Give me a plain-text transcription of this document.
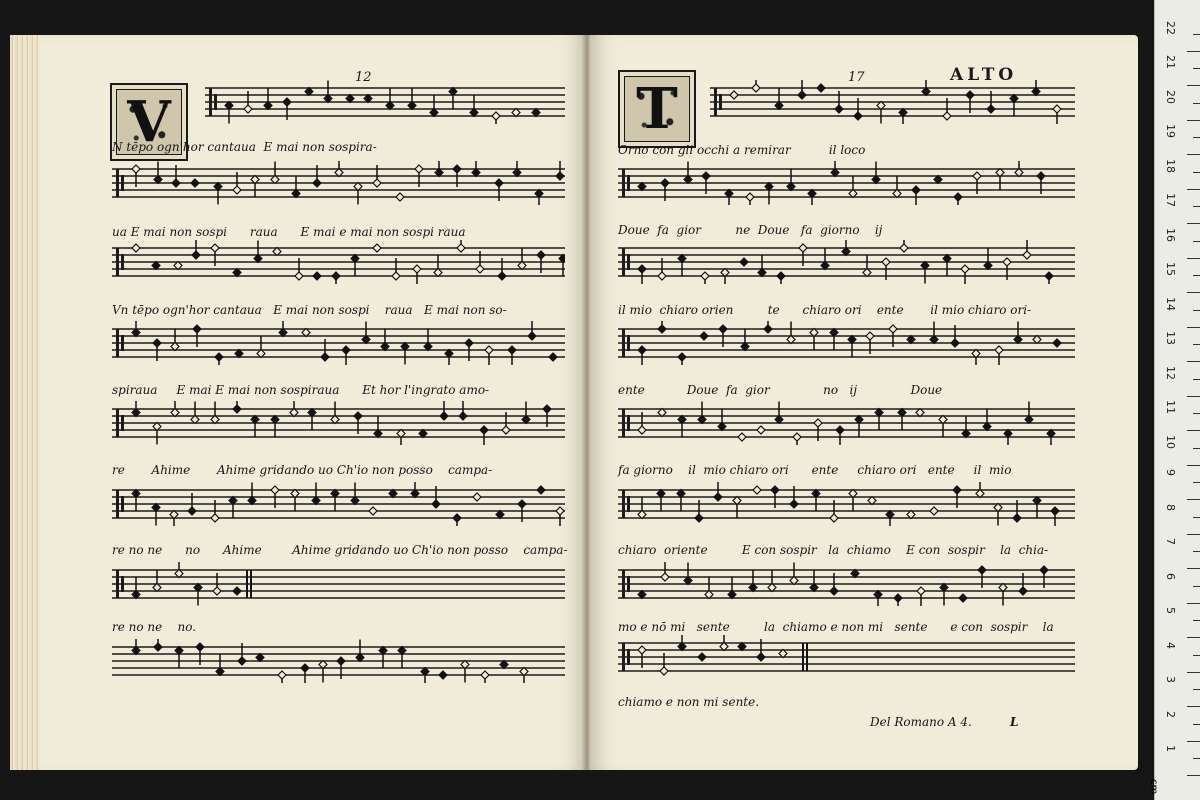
12
V
N tēpo ogn'hor cantaua  E mai non sospira-
ua E mai non sospi      raua      E mai e mai non sospi raua
Vn tēpo ogn'hor cantaua   E mai non sospi    raua   E mai non so-
spiraua     E mai E mai non sospiraua      Et hor l'ingrato amo-
re       Ahime       Ahime gridando uo Ch'io non posso    campa-
re no ne      no      Ahime        Ahime gridando uo Ch'io non posso    campa-
re no ne    no.
17	ALTO
T
Orno con gli occhi a remirar          il loco
Doue  fa  gior         ne  Doue   fa  giorno    ij
il mio  chiaro orien         te      chiaro ori    ente       il mio chiaro ori-
ente           Doue  fa  gior              no   ij              Doue
fa giorno    il  mio chiaro ori      ente     chiaro ori   ente     il  mio
chiaro  oriente         E con sospir   la  chiamo    E con  sospir    la  chia-
mo e nō mi   sente         la  chiamo e non mi   sente      e con  sospir    la
chiamo e non mi sente.
Del Romano A 4.	L
cm
1
2
3
4
5
6
7
8
9
10
11
12
13
14
15
16
17
18
19
20
21
22
